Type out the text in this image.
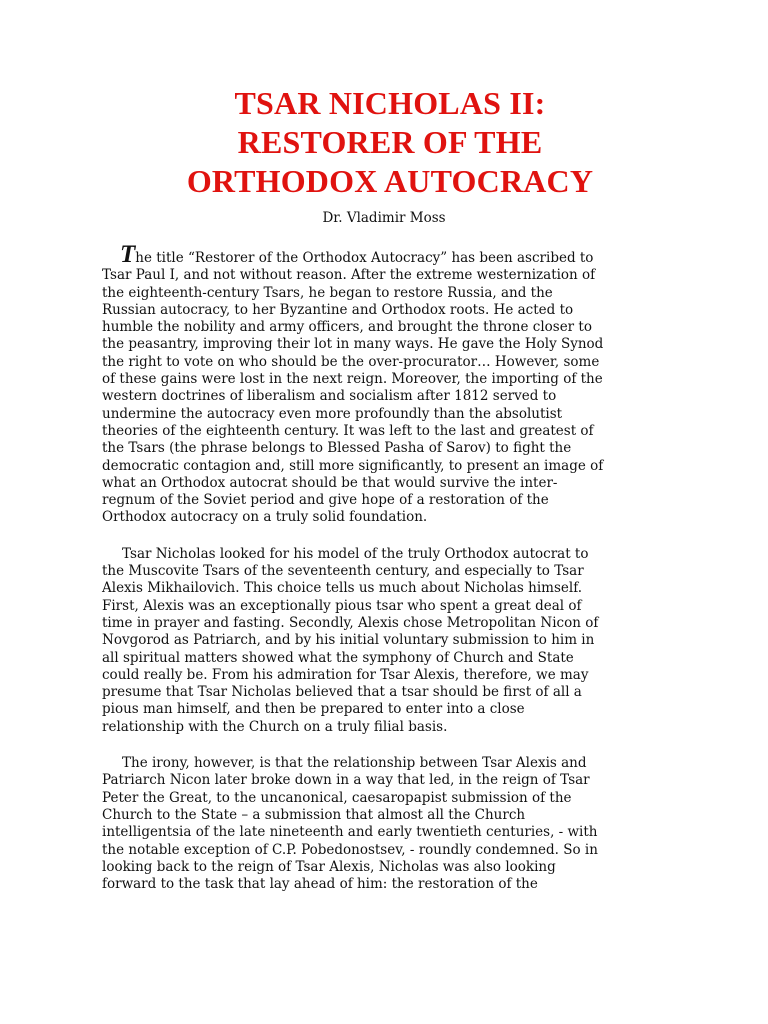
TSAR NICHOLAS II:
RESTORER OF THE
ORTHODOX AUTOCRACY

Dr. Vladimir Moss

The title “Restorer of the Orthodox Autocracy” has been ascribed to
Tsar Paul I, and not without reason. After the extreme westernization of
the eighteenth-century Tsars, he began to restore Russia, and the
Russian autocracy, to her Byzantine and Orthodox roots. He acted to
humble the nobility and army officers, and brought the throne closer to
the peasantry, improving their lot in many ways. He gave the Holy Synod
the right to vote on who should be the over-procurator… However, some
of these gains were lost in the next reign. Moreover, the importing of the
western doctrines of liberalism and socialism after 1812 served to
undermine the autocracy even more profoundly than the absolutist
theories of the eighteenth century. It was left to the last and greatest of
the Tsars (the phrase belongs to Blessed Pasha of Sarov) to fight the
democratic contagion and, still more significantly, to present an image of
what an Orthodox autocrat should be that would survive the inter-
regnum of the Soviet period and give hope of a restoration of the
Orthodox autocracy on a truly solid foundation.

Tsar Nicholas looked for his model of the truly Orthodox autocrat to
the Muscovite Tsars of the seventeenth century, and especially to Tsar
Alexis Mikhailovich. This choice tells us much about Nicholas himself.
First, Alexis was an exceptionally pious tsar who spent a great deal of
time in prayer and fasting. Secondly, Alexis chose Metropolitan Nicon of
Novgorod as Patriarch, and by his initial voluntary submission to him in
all spiritual matters showed what the symphony of Church and State
could really be. From his admiration for Tsar Alexis, therefore, we may
presume that Tsar Nicholas believed that a tsar should be first of all a
pious man himself, and then be prepared to enter into a close
relationship with the Church on a truly filial basis.

The irony, however, is that the relationship between Tsar Alexis and
Patriarch Nicon later broke down in a way that led, in the reign of Tsar
Peter the Great, to the uncanonical, caesaropapist submission of the
Church to the State – a submission that almost all the Church
intelligentsia of the late nineteenth and early twentieth centuries, - with
the notable exception of C.P. Pobedonostsev, - roundly condemned. So in
looking back to the reign of Tsar Alexis, Nicholas was also looking
forward to the task that lay ahead of him: the restoration of the
